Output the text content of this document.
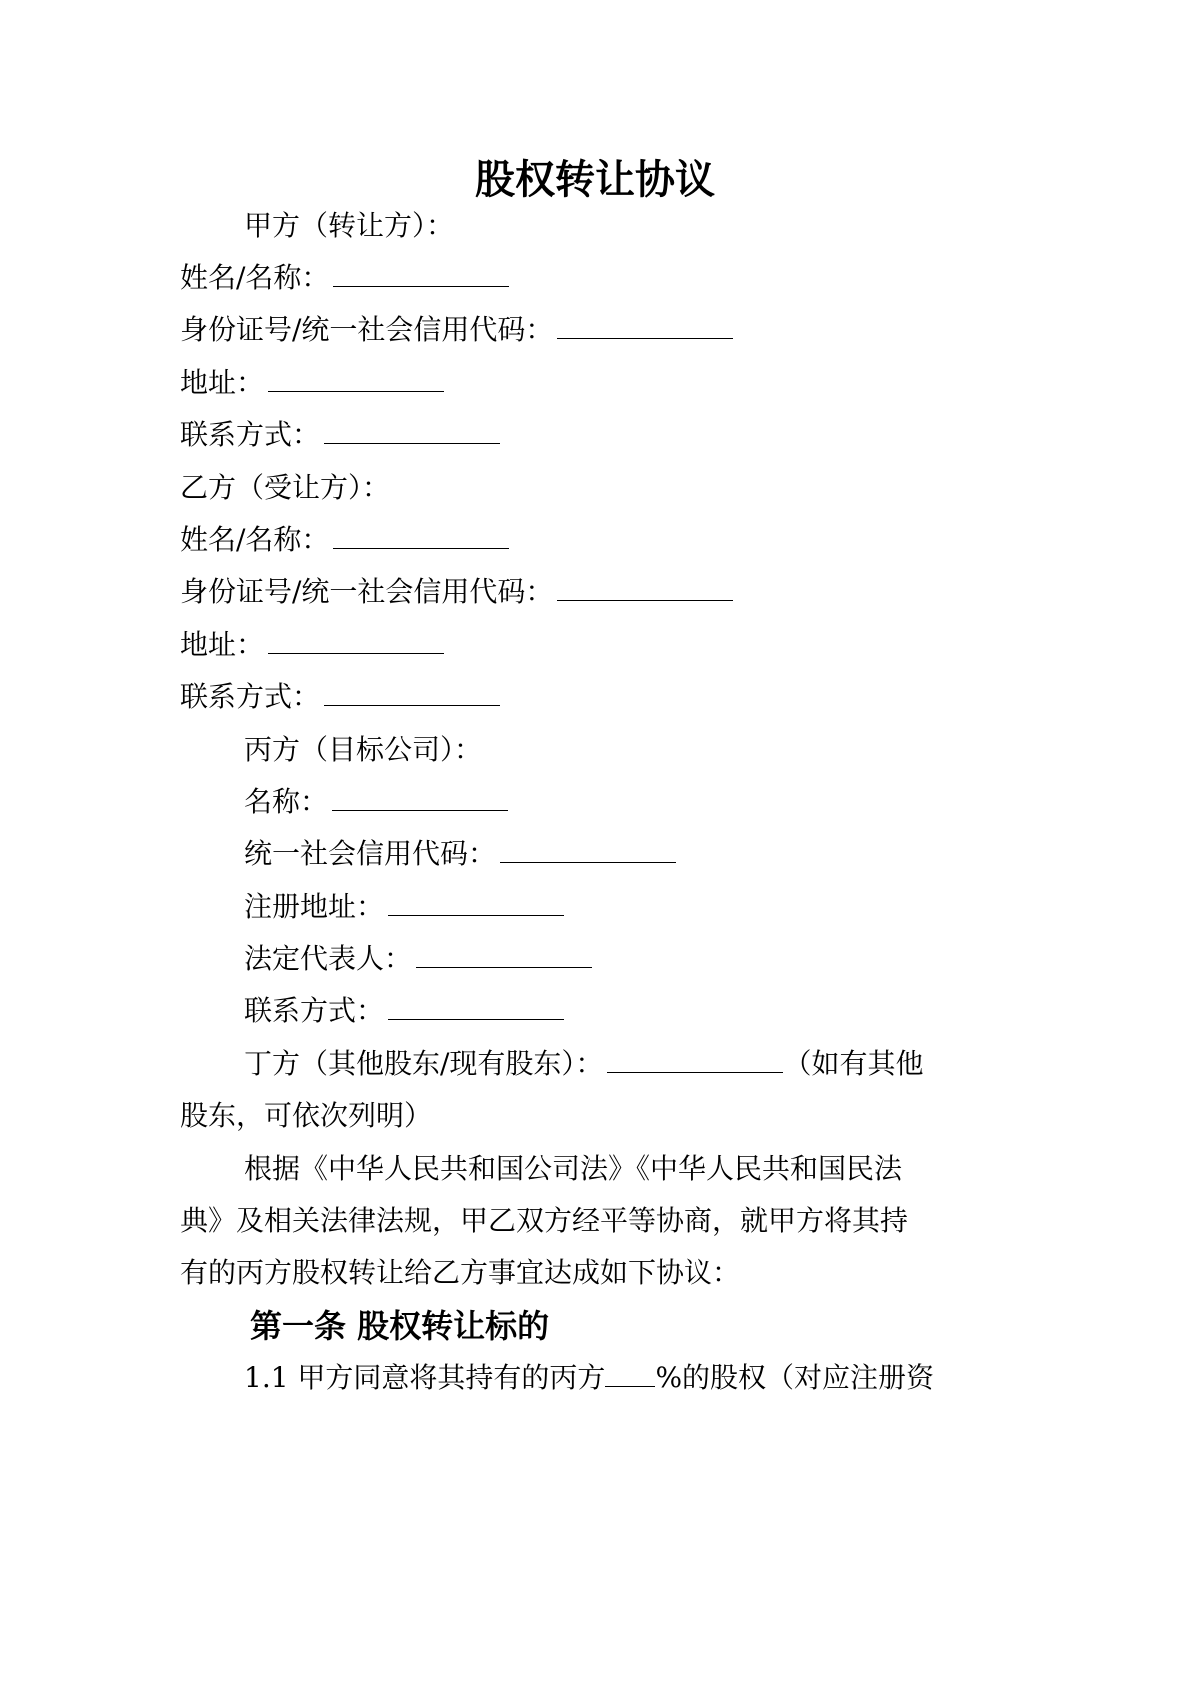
股权转让协议
甲方（转让方）：
姓名/名称：
身份证号/统一社会信用代码：
地址：
联系方式：
乙方（受让方）：
姓名/名称：
身份证号/统一社会信用代码：
地址：
联系方式：
丙方（目标公司）：
名称：
统一社会信用代码：
注册地址：
法定代表人：
联系方式：
丁方（其他股东/现有股东）：	（如有其他
股东，可依次列明）
根据《中华人民共和国公司法》《中华人民共和国民法
典》及相关法律法规，甲乙双方经平等协商，就甲方将其持
有的丙方股权转让给乙方事宜达成如下协议：
第一条 股权转让标的
1.1 甲方同意将其持有的丙方 %的股权（对应注册资
